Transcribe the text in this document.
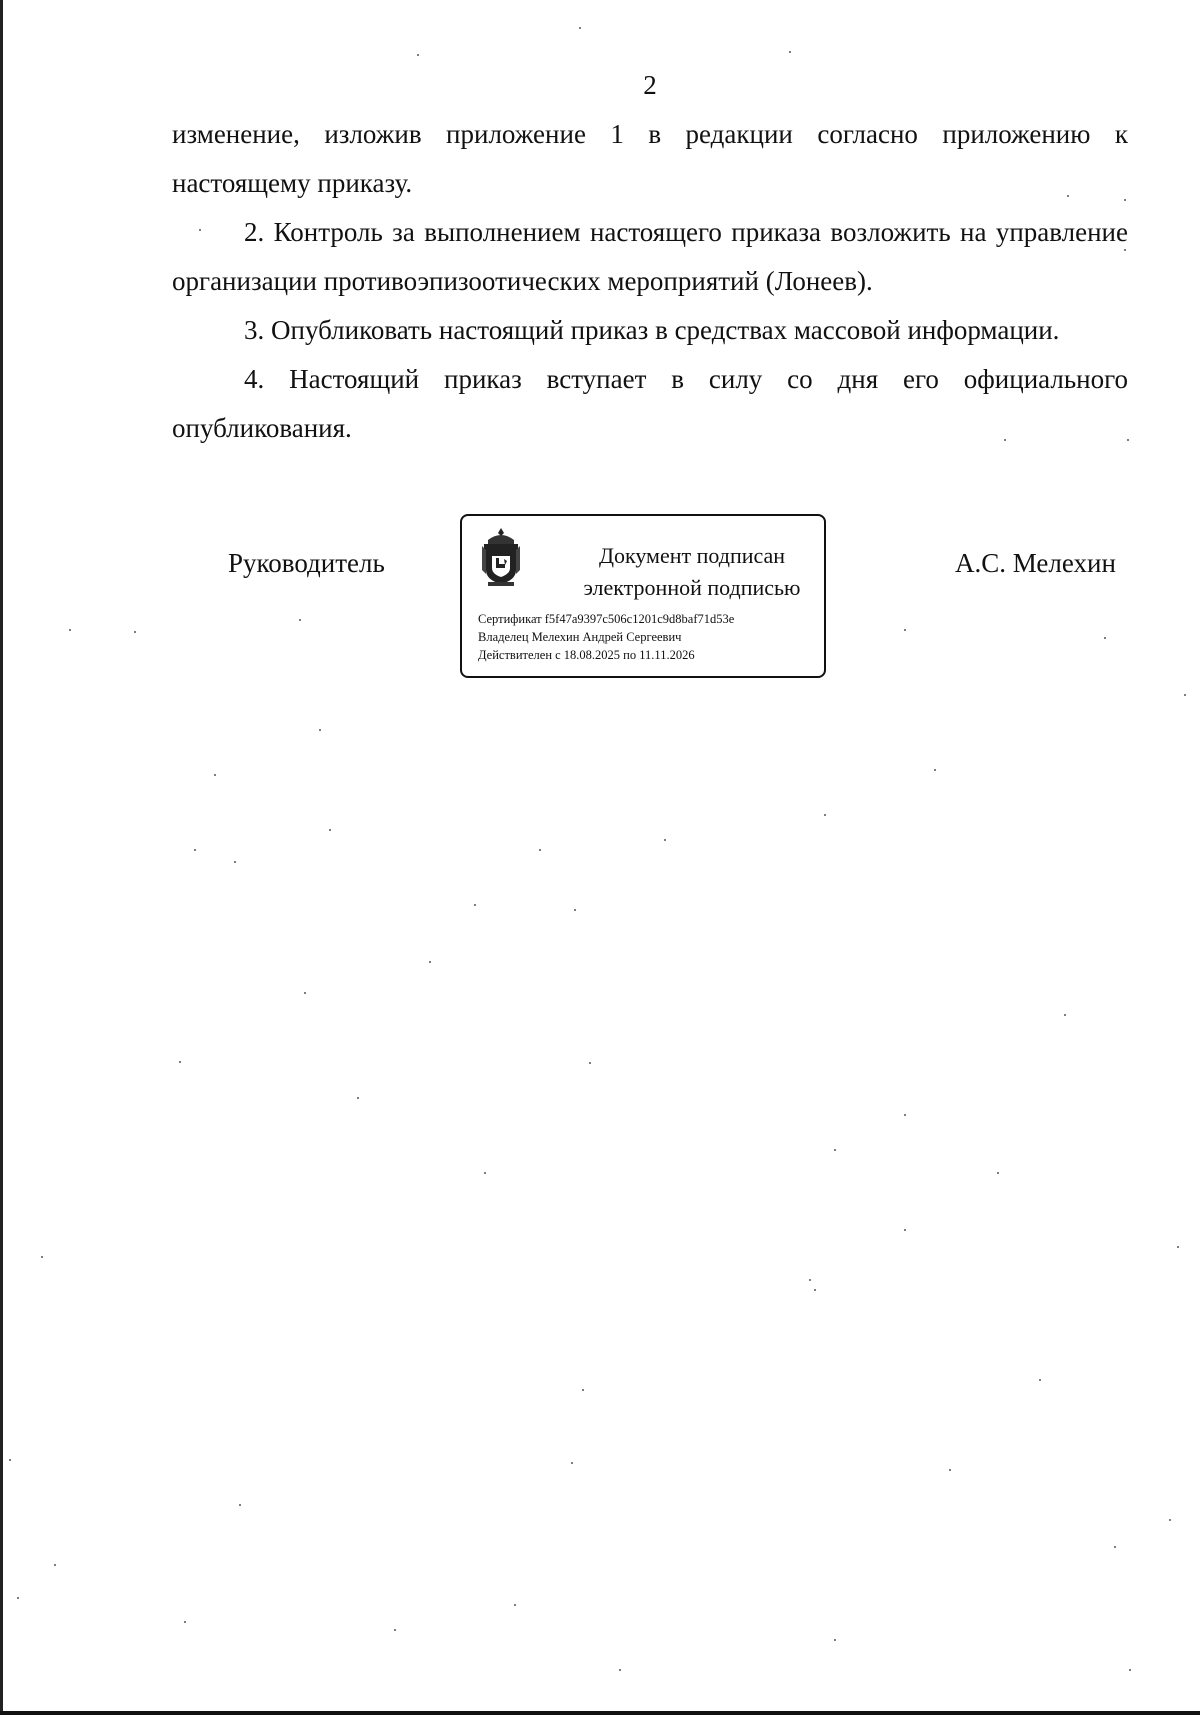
2

изменение, изложив приложение 1 в редакции согласно приложению к настоящему приказу.

2. Контроль за выполнением настоящего приказа возложить на управление организации противоэпизоотических мероприятий (Лонеев).

3. Опубликовать настоящий приказ в средствах массовой информации.

4. Настоящий приказ вступает в силу со дня его официального опубликования.

Руководитель	Документ подписан
электронной подписью
Сертификат f5f47a9397c506c1201c9d8baf71d53e
Владелец Мелехин Андрей Сергеевич
Действителен с 18.08.2025 по 11.11.2026
А.С. Мелехин
